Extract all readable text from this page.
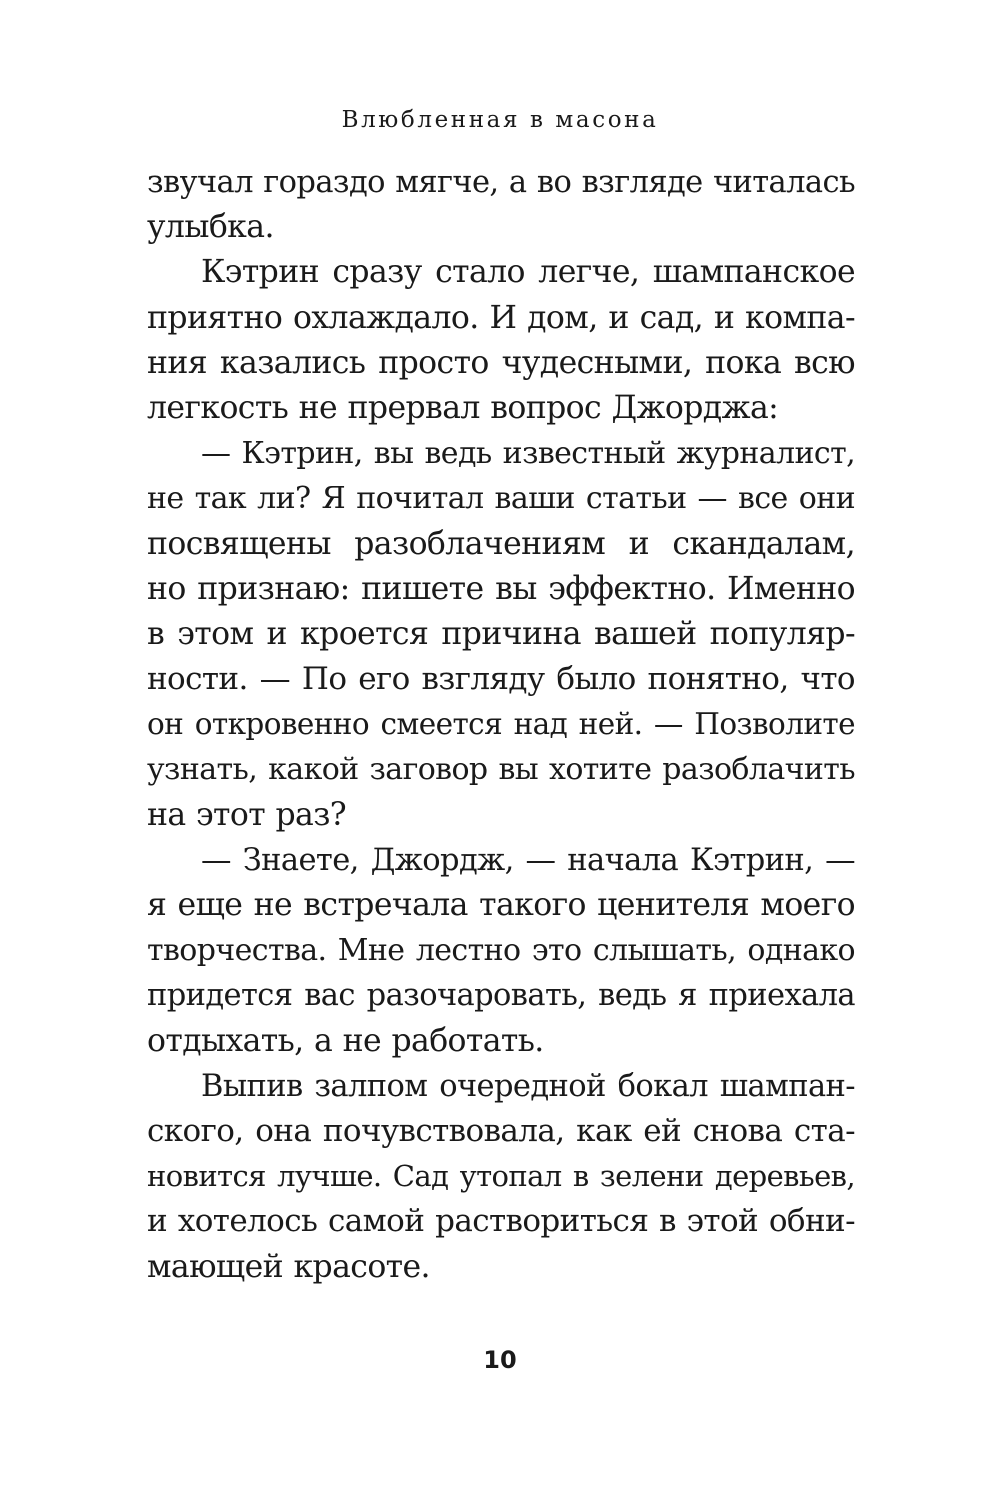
Влюбленная в масона
звучал гораздо мягче, а во взгляде читалась
улыбка.
Кэтрин сразу стало легче, шампанское
приятно охлаждало. И дом, и сад, и компа-
ния казались просто чудесными, пока всю
легкость не прервал вопрос Джорджа:
— Кэтрин, вы ведь известный журналист,
не так ли? Я почитал ваши статьи — все они
посвящены разоблачениям и скандалам,
но признаю: пишете вы эффектно. Именно
в этом и кроется причина вашей популяр-
ности. — По его взгляду было понятно, что
он откровенно смеется над ней. — Позволите
узнать, какой заговор вы хотите разоблачить
на этот раз?
— Знаете, Джордж, — начала Кэтрин, —
я еще не встречала такого ценителя моего
творчества. Мне лестно это слышать, однако
придется вас разочаровать, ведь я приехала
отдыхать, а не работать.
Выпив залпом очередной бокал шампан-
ского, она почувствовала, как ей снова ста-
новится лучше. Сад утопал в зелени деревьев,
и хотелось самой раствориться в этой обни-
мающей красоте.
10
